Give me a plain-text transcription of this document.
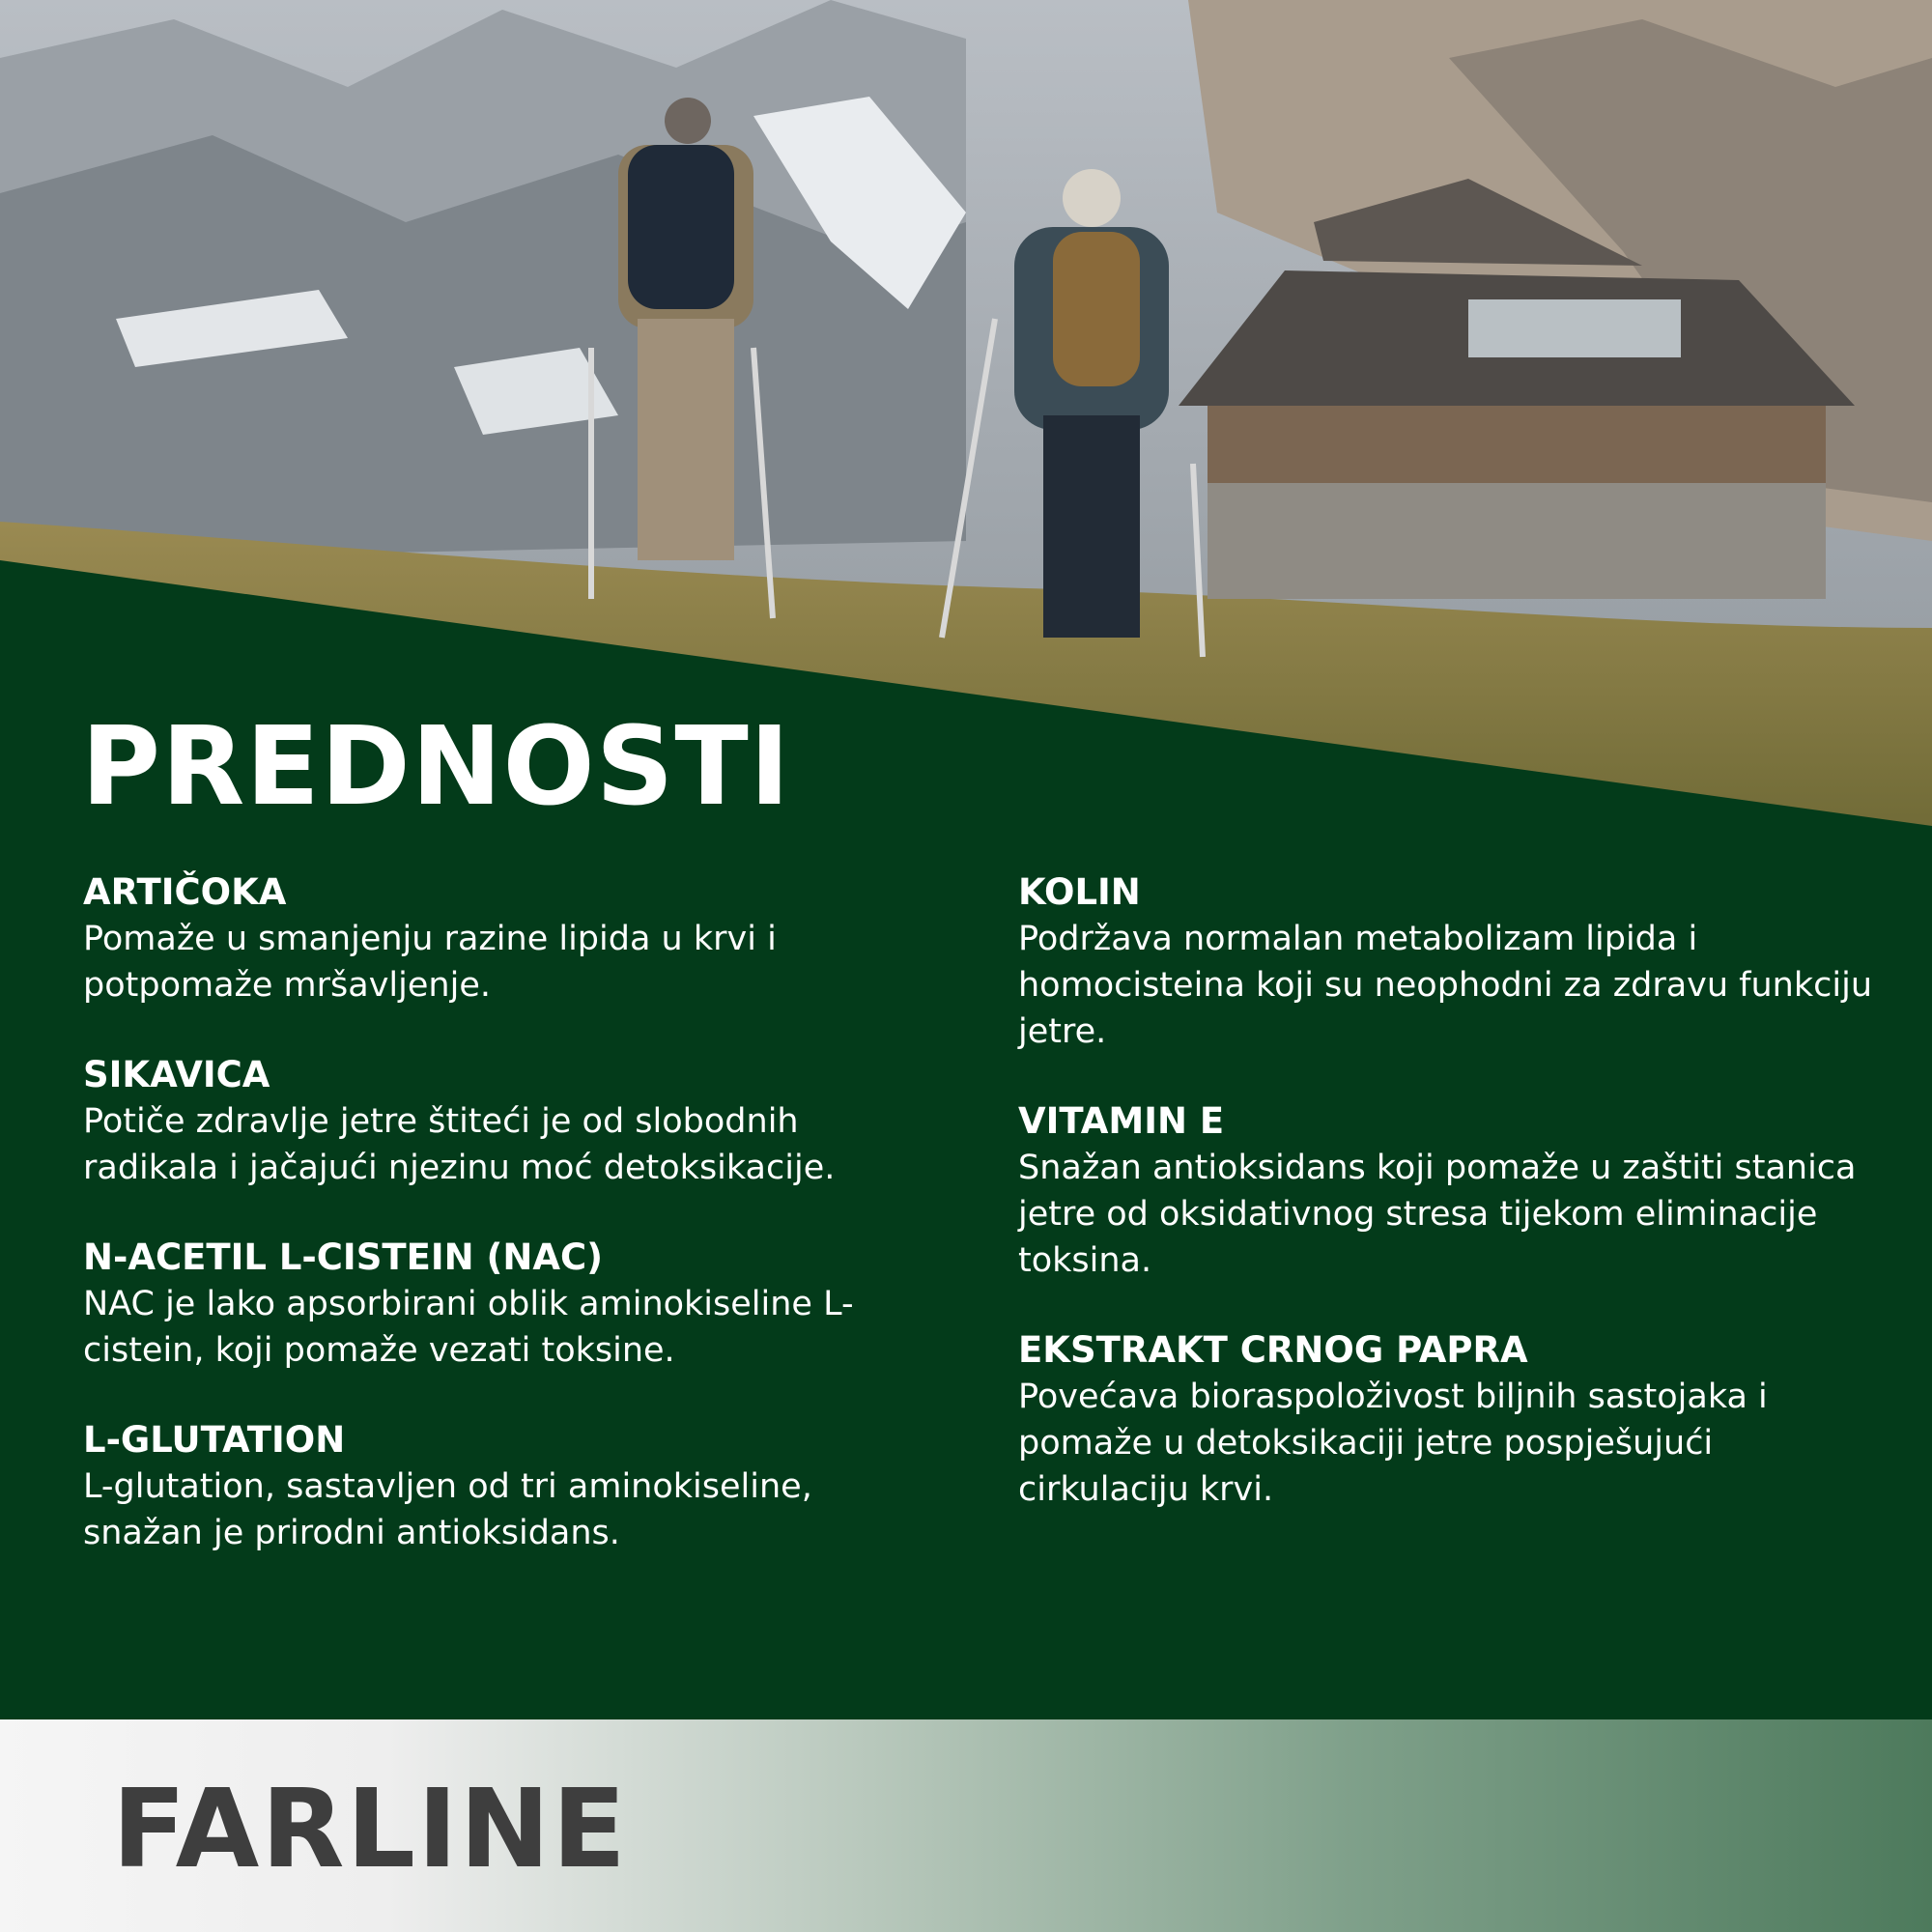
PREDNOSTI

ARTIČOKA

Pomaže u smanjenju razine lipida u krvi i potpomaže mršavljenje.

SIKAVICA

Potiče zdravlje jetre štiteći je od slobodnih radikala i jačajući njezinu moć detoksikacije.

N-ACETIL L-CISTEIN (NAC)

NAC je lako apsorbirani oblik aminokiseline L-cistein, koji pomaže vezati toksine.

L-GLUTATION

L-glutation, sastavljen od tri aminokiseline, snažan je prirodni antioksidans.

KOLIN

Podržava normalan metabolizam lipida i homocisteina koji su neophodni za zdravu funkciju jetre.

VITAMIN E

Snažan antioksidans koji pomaže u zaštiti stanica jetre od oksidativnog stresa tijekom eliminacije toksina.

EKSTRAKT CRNOG PAPRA

Povećava bioraspoloživost biljnih sastojaka i pomaže u detoksikaciji jetre pospješujući cirkulaciju krvi.

FARLINE
